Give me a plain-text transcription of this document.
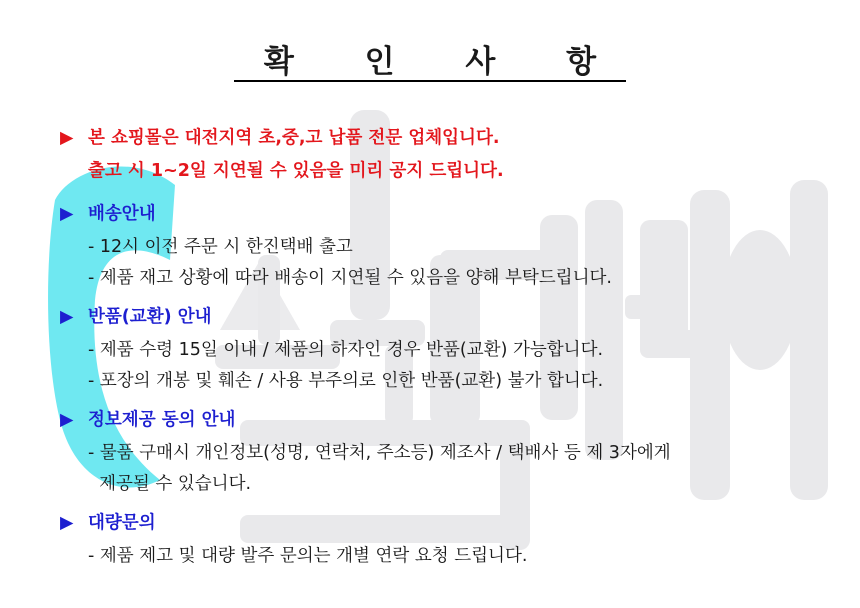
확 인 사 항
▶ 본 쇼핑몰은 대전지역 초,중,고 납품 전문 업체입니다.
출고 시 1~2일 지연될 수 있음을 미리 공지 드립니다.
▶ 배송안내
- 12시 이전 주문 시 한진택배 출고
- 제품 재고 상황에 따라 배송이 지연될 수 있음을 양해 부탁드립니다.
▶ 반품(교환) 안내
- 제품 수령 15일 이내 / 제품의 하자인 경우 반품(교환) 가능합니다.
- 포장의 개봉 및 훼손 / 사용 부주의로 인한 반품(교환) 불가 합니다.
▶ 정보제공 동의 안내
- 물품 구매시 개인정보(성명, 연락처, 주소등) 제조사 / 택배사 등 제 3자에게
제공될 수 있습니다.
▶ 대량문의
- 제품 제고 및 대량 발주 문의는 개별 연락 요청 드립니다.
